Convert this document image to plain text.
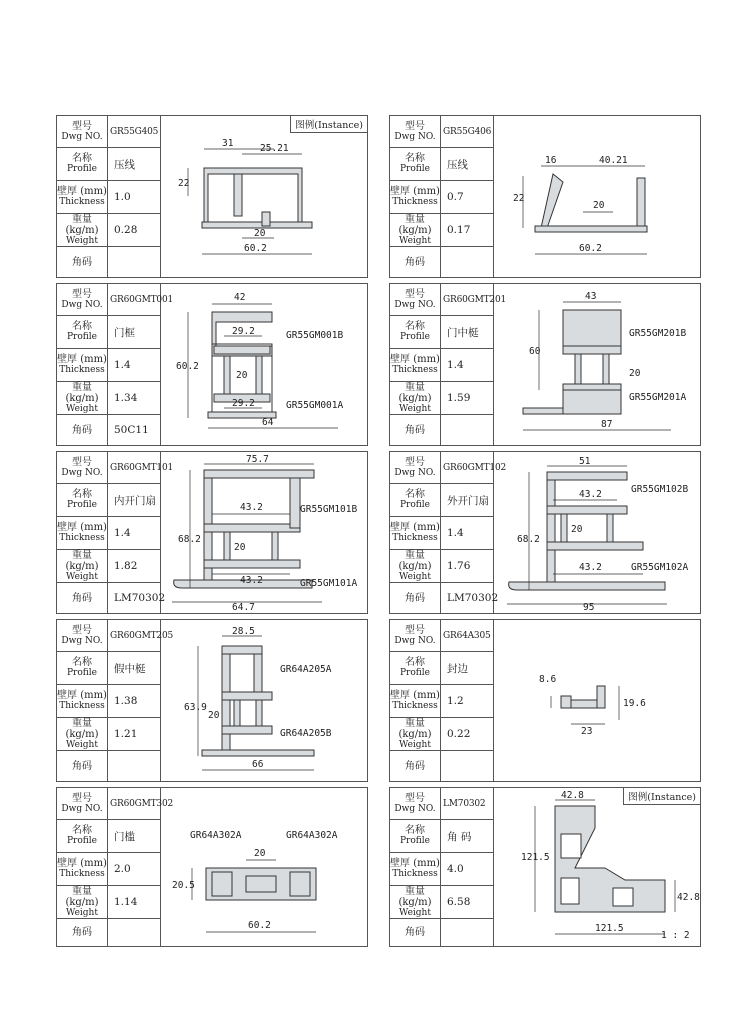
型号
Dwg NO. GR55G405
名称
Profile	压线
壁厚 (mm)
Thickness 1.0
重量 (kg/m)
Weight
0.28
角码
图例(Instance)
31	25.21
22
20
60.2
型号
Dwg NO. GR55G406
名称
Profile	压线
壁厚 (mm)
Thickness 0.7
重量 (kg/m)
Weight
0.17
角码
16	40.21
22
20
60.2
型号
Dwg NO. GR60GMT001
名称
Profile	门框
壁厚 (mm)
Thickness 1.4
重量 (kg/m)
Weight
1.34
角码	50C11
42
29.2
60.2
20
29.2
64
GR55GM001B
GR55GM001A
型号
Dwg NO. GR60GMT201
名称
Profile	门中梃
壁厚 (mm)
Thickness 1.4
重量 (kg/m)
Weight
1.59
角码
43
60
20
87
GR55GM201B
GR55GM201A
型号
Dwg NO. GR60GMT101
名称
Profile	内开门扇
壁厚 (mm)
Thickness 1.4
重量 (kg/m)
Weight
1.82
角码	LM70302
75.7
43.2
68.2
20
43.2
64.7
GR55GM101B
GR55GM101A
型号
Dwg NO. GR60GMT102
名称
Profile	外开门扇
壁厚 (mm)
Thickness 1.4
重量 (kg/m)
Weight
1.76
角码	LM70302
51
43.2
68.2
20
43.2
95
GR55GM102B
GR55GM102A
型号
Dwg NO. GR60GMT205
名称
Profile	假中梃
壁厚 (mm)
Thickness 1.38
重量 (kg/m)
Weight
1.21
角码
28.5
63.9
20
66
GR64A205A
GR64A205B
型号
Dwg NO. GR64A305
名称
Profile	封边
壁厚 (mm)
Thickness 1.2
重量 (kg/m)
Weight
0.22
角码
8.6
19.6
23
型号
Dwg NO. GR60GMT302
名称
Profile	门槛
壁厚 (mm)
Thickness 2.0
重量 (kg/m)
Weight
1.14
角码
20
20.5
60.2
GR64A302A	GR64A302A
型号
Dwg NO. LM70302
名称
Profile	角 码
壁厚 (mm)
Thickness 4.0
重量 (kg/m)
Weight
6.58
角码
图例(Instance)
42.8
121.5
42.8
121.5
1 : 2
